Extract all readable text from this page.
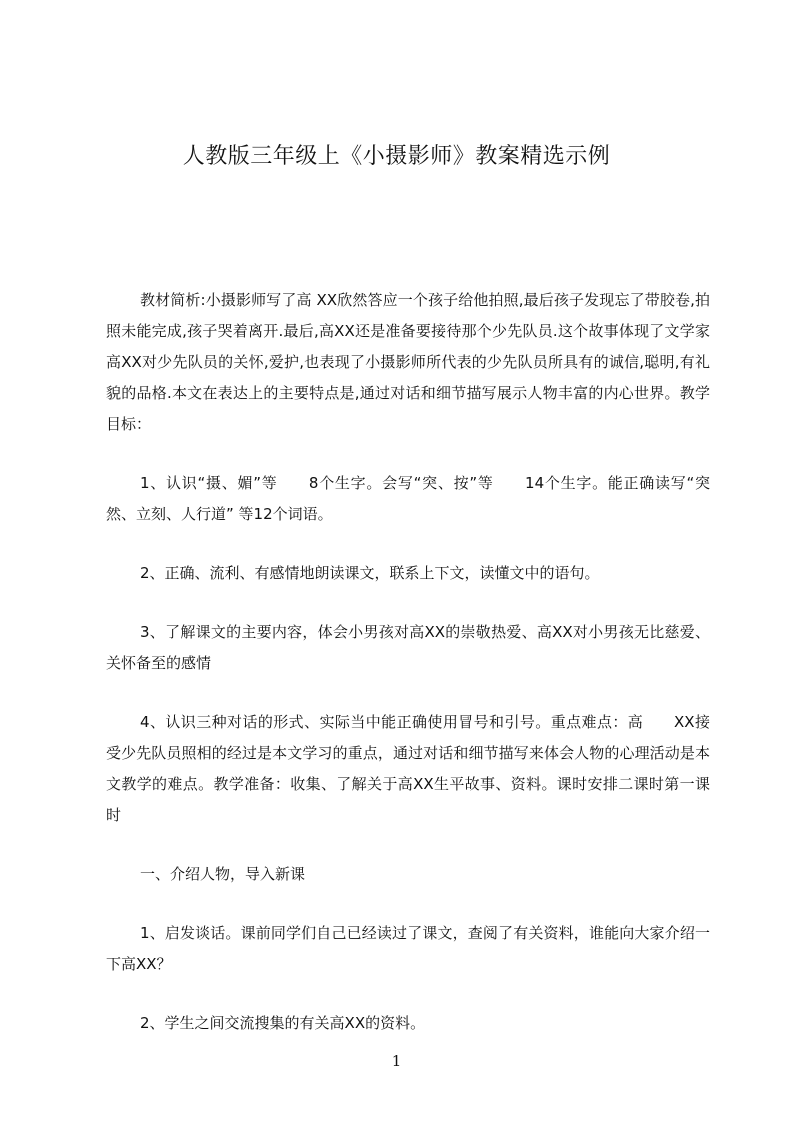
人教版三年级上《小摄影师》教案精选示例

教材简析:小摄影师写了高 XX欣然答应一个孩子给他拍照,最后孩子发现忘了带胶卷,拍照未能完成,孩子哭着离开.最后,高XX还是准备要接待那个少先队员.这个故事体现了文学家高XX对少先队员的关怀,爱护,也表现了小摄影师所代表的少先队员所具有的诚信,聪明,有礼貌的品格.本文在表达上的主要特点是,通过对话和细节描写展示人物丰富的内心世界。教学目标：

1、认识“摄、媚”等　　8个生字。会写“突、按”等　　14个生字。能正确读写“突然、立刻、人行道” 等12个词语。

2、正确、流利、有感情地朗读课文，联系上下文，读懂文中的语句。

3、了解课文的主要内容，体会小男孩对高XX的崇敬热爱、高XX对小男孩无比慈爱、关怀备至的感情

4、认识三种对话的形式、实际当中能正确使用冒号和引号。重点难点：高　　XX接受少先队员照相的经过是本文学习的重点，通过对话和细节描写来体会人物的心理活动是本文教学的难点。教学准备：收集、了解关于高XX生平故事、资料。课时安排二课时第一课时

一、介绍人物，导入新课

1、启发谈话。课前同学们自己已经读过了课文，查阅了有关资料，谁能向大家介绍一下高XX？

2、学生之间交流搜集的有关高XX的资料。

1
